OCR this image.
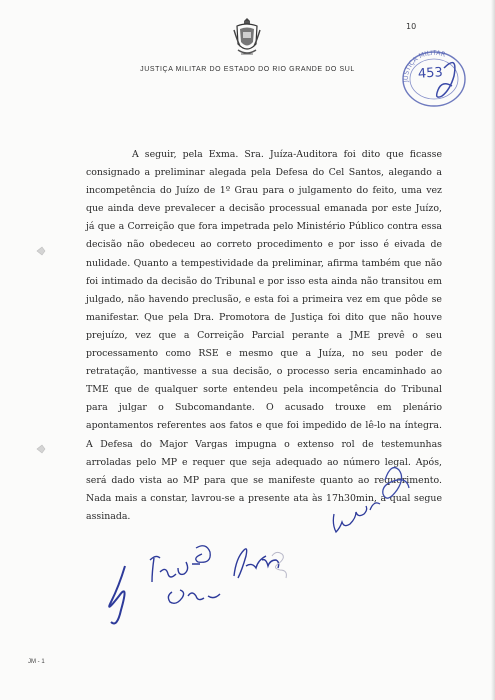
10
JUSTIÇA MILITAR DO ESTADO DO RIO GRANDE DO SUL
JUSTIÇA MILITAR
453

A seguir, pela Exma. Sra. Juíza-Auditora foi dito que ficasse consignado a preliminar alegada pela Defesa do Cel Santos, alegando a incompetência do Juízo de 1º Grau para o julgamento do feito, uma vez que ainda deve prevalecer a decisão processual emanada por este Juízo, já que a Correição que fora impetrada pelo Ministério Público contra essa decisão não obedeceu ao correto procedimento e por isso é eivada de nulidade. Quanto a tempestividade da preliminar, afirma também que não foi intimado da decisão do Tribunal e por isso esta ainda não transitou em julgado, não havendo preclusão, e esta foi a primeira vez em que pôde se manifestar. Que pela Dra. Promotora de Justiça foi dito que não houve prejuízo, vez que a Correição Parcial perante a JME prevê o seu processamento como RSE e mesmo que a Juíza, no seu poder de retratação, mantivesse a sua decisão, o processo seria encaminhado ao TME que de qualquer sorte entendeu pela incompetência do Tribunal para julgar o Subcomandante. O acusado trouxe em plenário apontamentos referentes aos fatos e que foi impedido de lê-lo na íntegra. A Defesa do Major Vargas impugna o extenso rol de testemunhas arroladas pelo MP e requer que seja adequado ao número legal. Após, será dado vista ao MP para que se manifeste quanto ao requerimento. Nada mais a constar, lavrou-se a presente ata às 17h30min, a qual segue assinada.

JM - 1
